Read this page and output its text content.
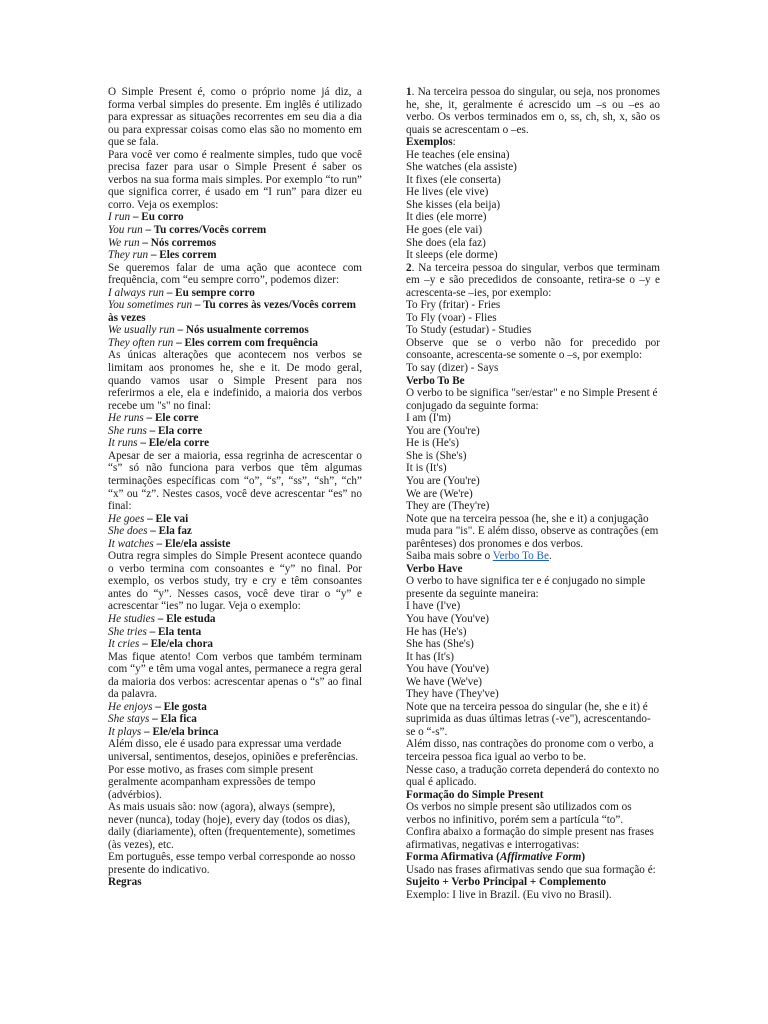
O Simple Present é, como o próprio nome já diz, a forma verbal simples do presente. Em inglês é utilizado para expressar as situações recorrentes em seu dia a dia ou para expressar coisas como elas são no momento em que se fala.

Para você ver como é realmente simples, tudo que você precisa fazer para usar o Simple Present é saber os verbos na sua forma mais simples. Por exemplo “to run” que significa correr, é usado em “I run” para dizer eu corro. Veja os exemplos:

I run – Eu corro

You run – Tu corres/Vocês correm

We run – Nós corremos

They run – Eles correm

Se queremos falar de uma ação que acontece com frequência, com “eu sempre corro”, podemos dizer:

I always run – Eu sempre corro

You sometimes run – Tu corres às vezes/Vocês correm às vezes

We usually run – Nós usualmente corremos

They often run – Eles correm com frequência

As únicas alterações que acontecem nos verbos se limitam aos pronomes he, she e it. De modo geral, quando vamos usar o Simple Present para nos referirmos a ele, ela e indefinido, a maioria dos verbos recebe um "s" no final:

He runs – Ele corre

She runs – Ela corre

It runs – Ele/ela corre

Apesar de ser a maioria, essa regrinha de acrescentar o “s” só não funciona para verbos que têm algumas terminações específicas com “o”, “s”, “ss”, “sh”, “ch” “x” ou “z”. Nestes casos, você deve acrescentar “es” no final:

He goes – Ele vai

She does – Ela faz

It watches – Ele/ela assiste

Outra regra simples do Simple Present acontece quando o verbo termina com consoantes e “y” no final. Por exemplo, os verbos study, try e cry e têm consoantes antes do “y”. Nesses casos, você deve tirar o “y” e acrescentar “ies” no lugar. Veja o exemplo:

He studies – Ele estuda

She tries – Ela tenta

It cries – Ele/ela chora

Mas fique atento! Com verbos que também terminam com “y” e têm uma vogal antes, permanece a regra geral da maioria dos verbos: acrescentar apenas o “s” ao final da palavra.

He enjoys – Ele gosta

She stays – Ela fica

It plays – Ele/ela brinca

Além disso, ele é usado para expressar uma verdade universal, sentimentos, desejos, opiniões e preferências.

Por esse motivo, as frases com simple present geralmente acompanham expressões de tempo (advérbios).

As mais usuais são: now (agora), always (sempre), never (nunca), today (hoje), every day (todos os dias), daily (diariamente), often (frequentemente), sometimes (às vezes), etc.

Em português, esse tempo verbal corresponde ao nosso presente do indicativo.

Regras

1. Na terceira pessoa do singular, ou seja, nos pronomes he, she, it, geralmente é acrescido um –s ou –es ao verbo. Os verbos terminados em o, ss, ch, sh, x, são os quais se acrescentam o –es.

Exemplos:

He teaches (ele ensina)

She watches (ela assiste)

It fixes (ele conserta)

He lives (ele vive)

She kisses (ela beija)

It dies (ele morre)

He goes (ele vai)

She does (ela faz)

It sleeps (ele dorme)

2. Na terceira pessoa do singular, verbos que terminam em –y e são precedidos de consoante, retira-se o –y e acrescenta-se –ies, por exemplo:

To Fry (fritar) - Fries

To Fly (voar) - Flies

To Study (estudar) - Studies

Observe que se o verbo não for precedido por consoante, acrescenta-se somente o –s, por exemplo:

To say (dizer) - Says

Verbo To Be

O verbo to be significa "ser/estar" e no Simple Present é conjugado da seguinte forma:

I am (I'm)

You are (You're)

He is (He's)

She is (She's)

It is (It's)

You are (You're)

We are (We're)

They are (They're)

Note que na terceira pessoa (he, she e it) a conjugação muda para "is". E além disso, observe as contrações (em parênteses) dos pronomes e dos verbos.

Saiba mais sobre o Verbo To Be.

Verbo Have

O verbo to have significa ter e é conjugado no simple presente da seguinte maneira:

I have (I've)

You have (You've)

He has (He's)

She has (She's)

It has (It's)

You have (You've)

We have (We've)

They have (They've)

Note que na terceira pessoa do singular (he, she e it) é suprimida as duas últimas letras (-ve"), acrescentando-se o “-s”.

Além disso, nas contrações do pronome com o verbo, a terceira pessoa fica igual ao verbo to be.

Nesse caso, a tradução correta dependerá do contexto no qual é aplicado.

Formação do Simple Present

Os verbos no simple present são utilizados com os verbos no infinitivo, porém sem a partícula “to”.

Confira abaixo a formação do simple present nas frases afirmativas, negativas e interrogativas:

Forma Afirmativa (Affirmative Form)

Usado nas frases afirmativas sendo que sua formação é:

Sujeito + Verbo Principal + Complemento

Exemplo: I live in Brazil. (Eu vivo no Brasil).
